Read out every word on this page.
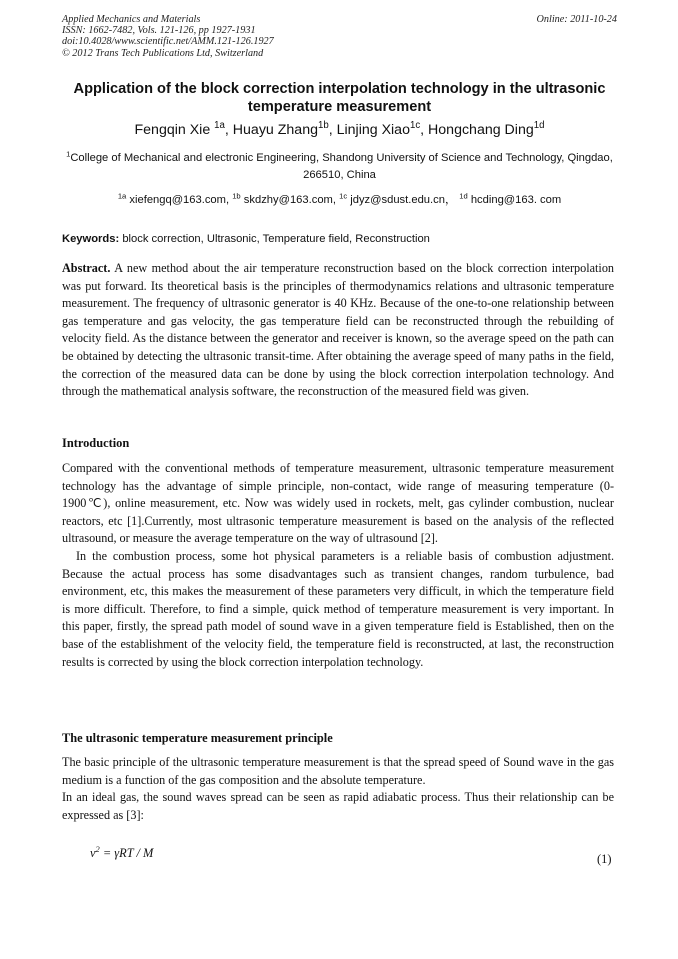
Applied Mechanics and Materials
ISSN: 1662-7482, Vols. 121-126, pp 1927-1931
doi:10.4028/www.scientific.net/AMM.121-126.1927
© 2012 Trans Tech Publications Ltd, Switzerland
Online: 2011-10-24
Application of the block correction interpolation technology in the ultrasonic temperature measurement
Fengqin Xie $^{1a}$, Huayu Zhang$^{1b}$, Linjing Xiao$^{1c}$, Hongchang Ding$^{1d}$
$^1$College of Mechanical and electronic Engineering, Shandong University of Science and Technology, Qingdao, 266510, China
$^{1a}$ xiefengq@163.com, $^{1b}$ skdzhy@163.com, $^{1c}$ jdyz@sdust.edu.cn， $^{1d}$ hcding@163. com
Keywords: block correction, Ultrasonic, Temperature field, Reconstruction

Abstract. A new method about the air temperature reconstruction based on the block correction interpolation was put forward. Its theoretical basis is the principles of thermodynamics relations and ultrasonic temperature measurement. The frequency of ultrasonic generator is 40 KHz. Because of the one-to-one relationship between gas temperature and gas velocity, the gas temperature field can be reconstructed through the rebuilding of velocity field. As the distance between the generator and receiver is known, so the average speed on the path can be obtained by detecting the ultrasonic transit-time. After obtaining the average speed of many paths in the field, the correction of the measured data can be done by using the block correction interpolation technology. And through the mathematical analysis software, the reconstruction of the measured field was given.

Introduction

Compared with the conventional methods of temperature measurement, ultrasonic temperature measurement technology has the advantage of simple principle, non-contact, wide range of measuring temperature (0-1900℃), online measurement, etc. Now was widely used in rockets, melt, gas cylinder combustion, nuclear reactors, etc [1].Currently, most ultrasonic temperature measurement is based on the analysis of the reflected ultrasound, or measure the average temperature on the way of ultrasound [2].

In the combustion process, some hot physical parameters is a reliable basis of combustion adjustment. Because the actual process has some disadvantages such as transient changes, random turbulence, bad environment, etc, this makes the measurement of these parameters very difficult, in which the temperature field is more difficult. Therefore, to find a simple, quick method of temperature measurement is very important. In this paper, firstly, the spread path model of sound wave in a given temperature field is Established, then on the base of the establishment of the velocity field, the temperature field is reconstructed, at last, the reconstruction results is corrected by using the block correction interpolation technology.

The ultrasonic temperature measurement principle

The basic principle of the ultrasonic temperature measurement is that the spread speed of Sound wave in the gas medium is a function of the gas composition and the absolute temperature.

In an ideal gas, the sound waves spread can be seen as rapid adiabatic process. Thus their relationship can be expressed as [3]:

$v^2 = \gamma RT / M$	(1)
